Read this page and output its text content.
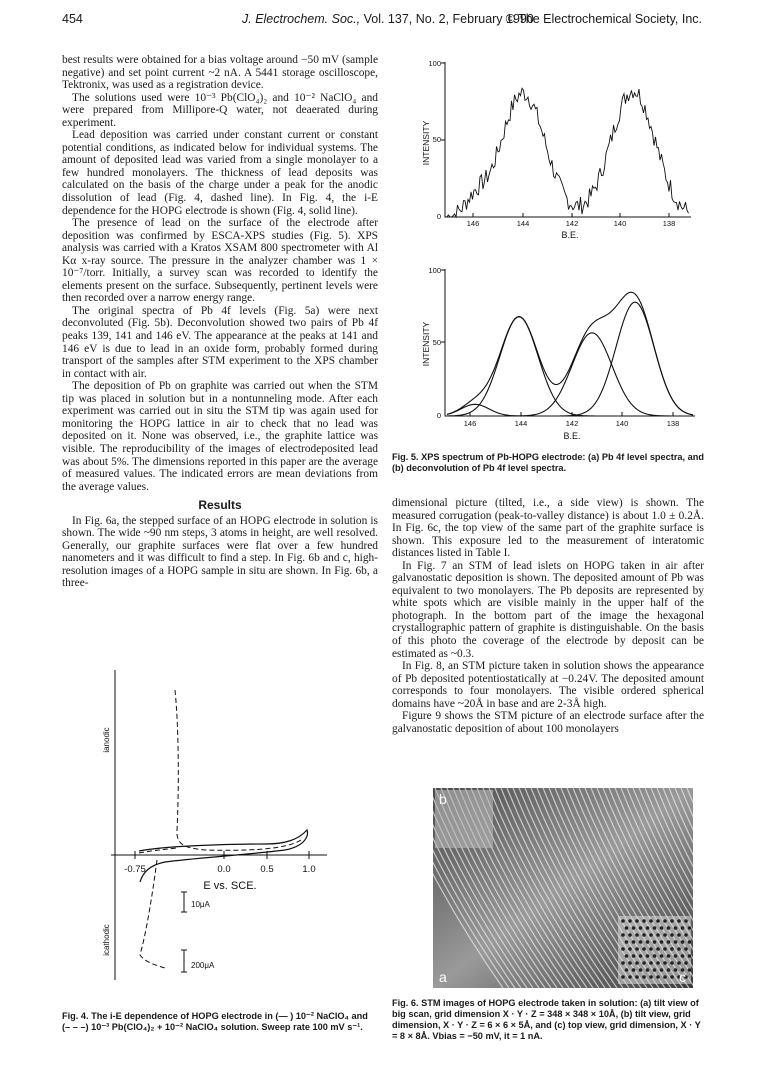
454	J. Electrochem. Soc., Vol. 137, No. 2, February 1990
© The Electrochemical Society, Inc.

best results were obtained for a bias voltage around −50 mV (sample negative) and set point current ~2 nA. A 5441 storage oscilloscope, Tektronix, was used as a registration device.

The solutions used were 10⁻³ Pb(ClO₄)₂ and 10⁻² NaClO₄ and were prepared from Millipore-Q water, not deaerated during experiment.

Lead deposition was carried under constant current or constant potential conditions, as indicated below for individual systems. The amount of deposited lead was varied from a single monolayer to a few hundred monolayers. The thickness of lead deposits was calculated on the basis of the charge under a peak for the anodic dissolution of lead (Fig. 4, dashed line). In Fig. 4, the i-E dependence for the HOPG electrode is shown (Fig. 4, solid line).

The presence of lead on the surface of the electrode after deposition was confirmed by ESCA-XPS studies (Fig. 5). XPS analysis was carried with a Kratos XSAM 800 spectrometer with Al Kα x-ray source. The pressure in the analyzer chamber was 1 × 10⁻⁷/torr. Initially, a survey scan was recorded to identify the elements present on the surface. Subsequently, pertinent levels were then recorded over a narrow energy range.

The original spectra of Pb 4f levels (Fig. 5a) were next deconvoluted (Fig. 5b). Deconvolution showed two pairs of Pb 4f peaks 139, 141 and 146 eV. The appearance at the peaks at 141 and 146 eV is due to lead in an oxide form, probably formed during transport of the samples after STM experiment to the XPS chamber in contact with air.

The deposition of Pb on graphite was carried out when the STM tip was placed in solution but in a nontunneling mode. After each experiment was carried out in situ the STM tip was again used for monitoring the HOPG lattice in air to check that no lead was deposited on it. None was observed, i.e., the graphite lattice was visible. The reproducibility of the images of electrodeposited lead was about 5%. The dimensions reported in this paper are the average of measured values. The indicated errors are mean deviations from the average values.

Results

In Fig. 6a, the stepped surface of an HOPG electrode in solution is shown. The wide ~90 nm steps, 3 atoms in height, are well resolved. Generally, our graphite surfaces were flat over a few hundred nanometers and it was difficult to find a step. In Fig. 6b and c, high-resolution images of a HOPG sample in situ are shown. In Fig. 6b, a three-

dimensional picture (tilted, i.e., a side view) is shown. The measured corrugation (peak-to-valley distance) is about 1.0 ± 0.2Å. In Fig. 6c, the top view of the same part of the graphite surface is shown. This exposure led to the measurement of interatomic distances listed in Table I.

In Fig. 7 an STM of lead islets on HOPG taken in air after galvanostatic deposition is shown. The deposited amount of Pb was equivalent to two monolayers. The Pb deposits are represented by white spots which are visible mainly in the upper half of the photograph. In the bottom part of the image the hexagonal crystallographic pattern of graphite is distinguishable. On the basis of this photo the coverage of the electrode by deposit can be estimated as ~0.3.

In Fig. 8, an STM picture taken in solution shows the appearance of Pb deposited potentiostatically at −0.24V. The deposited amount corresponds to four monolayers. The visible ordered spherical domains have ~20Å in base and are 2-3Å high.

Figure 9 shows the STM picture of an electrode surface after the galvanostatic deposition of about 100 monolayers

100
50
0
146	144	142	140	138
B.E.
INTENSITY
100
50
0
146	144	142	140	138
B.E.
INTENSITY
ianodic
icathodic
-0.75	0.0	0.5	1.0
E vs. SCE.
10μA
200μA
b
a	c
Fig. 5. XPS spectrum of Pb-HOPG electrode: (a) Pb 4f level spectra, and (b) deconvolution of Pb 4f level spectra.
Fig. 4. The i-E dependence of HOPG electrode in (— ) 10⁻² NaClO₄ and (– – –) 10⁻³ Pb(ClO₄)₂ + 10⁻² NaClO₄ solution. Sweep rate 100 mV s⁻¹.
Fig. 6. STM images of HOPG electrode taken in solution: (a) tilt view of big scan, grid dimension X · Y · Z = 348 × 348 × 10Å, (b) tilt view, grid dimension, X · Y · Z = 6 × 6 × 5Å, and (c) top view, grid dimension, X · Y = 8 × 8Å. Vbias = −50 mV, it = 1 nA.
